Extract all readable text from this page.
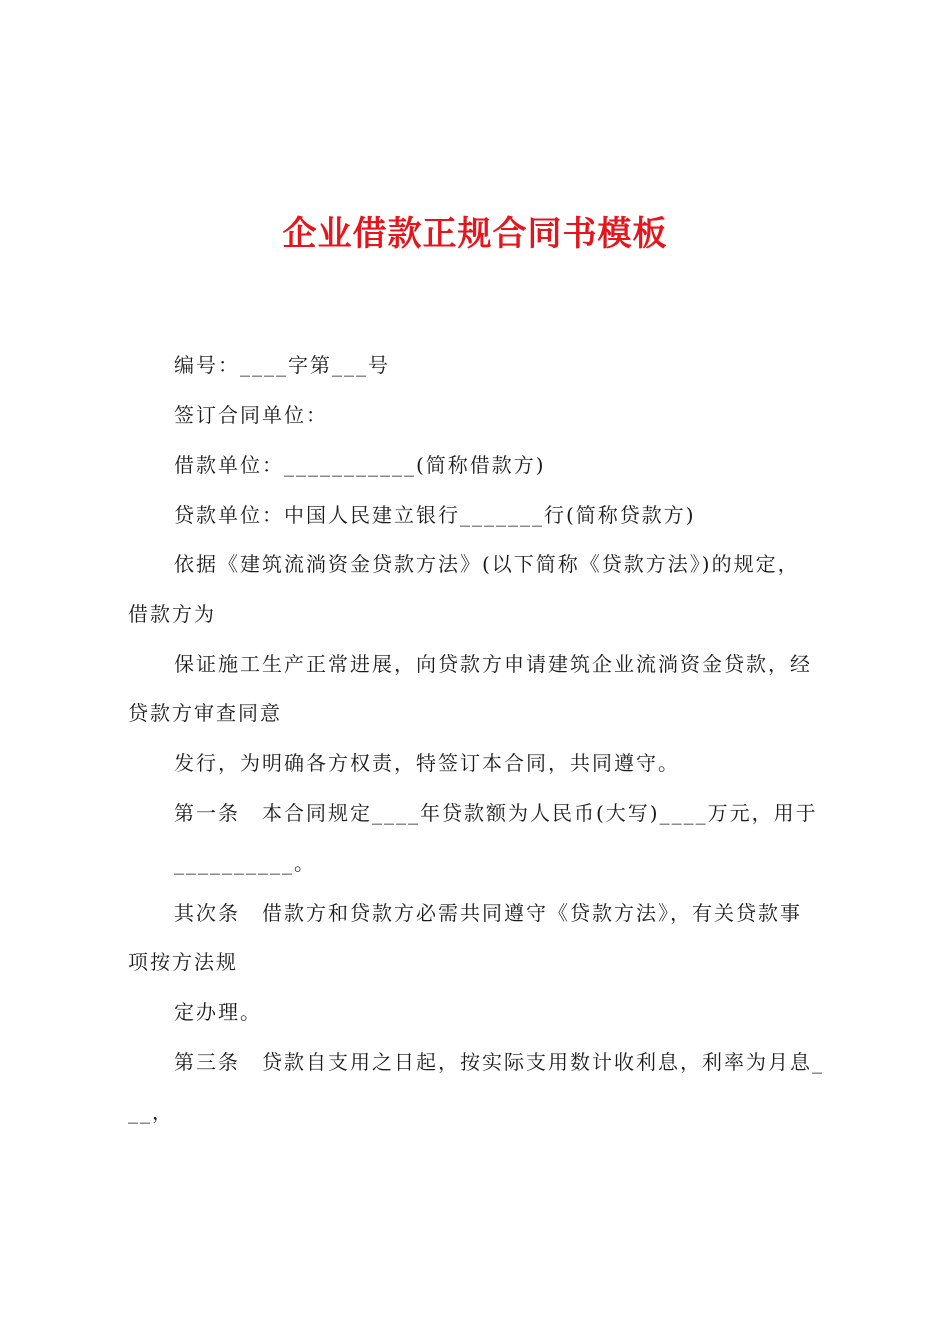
企业借款正规合同书模板
编号：____字第___号
签订合同单位：
借款单位：___________(简称借款方)
贷款单位：中国人民建立银行_______行(简称贷款方)
依据《建筑流淌资金贷款方法》(以下简称《贷款方法》)的规定，
借款方为
保证施工生产正常进展，向贷款方申请建筑企业流淌资金贷款，经
贷款方审查同意
发行，为明确各方权责，特签订本合同，共同遵守。
第一条　本合同规定____年贷款额为人民币(大写)____万元，用于
__________。
其次条　借款方和贷款方必需共同遵守《贷款方法》，有关贷款事
项按方法规
定办理。
第三条　贷款自支用之日起，按实际支用数计收利息，利率为月息_
__，
